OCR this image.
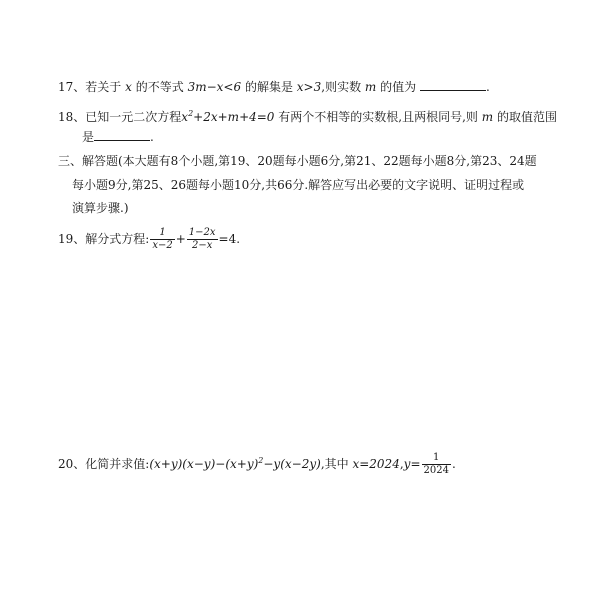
17、若关于 x 的不等式 3m−x<6 的解集是 x>3,则实数 m 的值为	.
18、已知一元二次方程$x^2+2x+m+4=0$ 有两个不相等的实数根,且两根同号,则 m 的取值范围
是	.
三、解答题(本大题有8个小题,第19、20题每小题6分,第21、22题每小题8分,第23、24题
每小题9分,第25、26题每小题10分,共66分.解答应写出必要的文字说明、证明过程或
演算步骤.)
19、解分式方程: $\frac{1}{x-2} + \frac{1-2x}{2-x} =4$.
20、化简并求值$:(x+y)(x-y)-(x+y)^2-y(x-2y)$,其中 $x=2024,y= \frac{1}{2024}$ .
